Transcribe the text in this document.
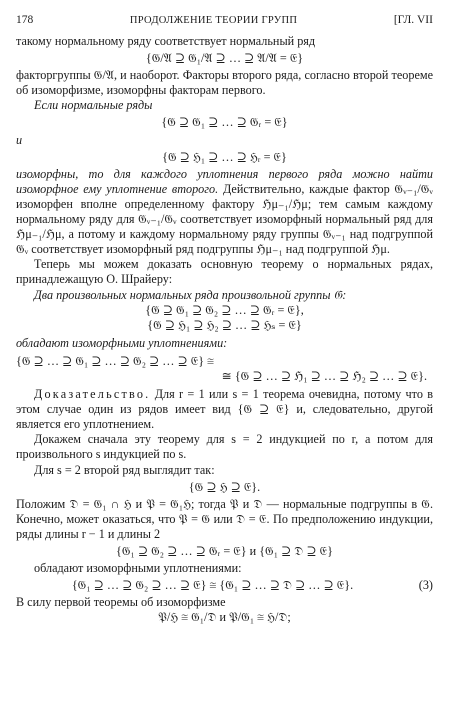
178	ПРОДОЛЖЕНИЕ ТЕОРИИ ГРУПП	[ГЛ. VII

такому нормальному ряду соответствует нормальный ряд

{𝔊/𝔄 ⊇ 𝔊₁/𝔄 ⊇ … ⊇ 𝔄/𝔄 = 𝔈}

факторгруппы 𝔊/𝔄, и наоборот. Факторы второго ряда, согласно второй теореме об изоморфизме, изоморфны факторам первого.

Если нормальные ряды

{𝔊 ⊇ 𝔊₁ ⊇ … ⊇ 𝔊ᵣ = 𝔈}

и

{𝔊 ⊇ ℌ₁ ⊇ … ⊇ ℌᵣ = 𝔈}

изоморфны, то для каждого уплотнения первого ряда можно найти изоморфное ему уплотнение второго. Действительно, каждые фактор 𝔊ᵥ₋₁/𝔊ᵥ изоморфен вполне определенному фактору ℌμ₋₁/ℌμ; тем самым каждому нормальному ряду для 𝔊ᵥ₋₁/𝔊ᵥ соответствует изоморфный нормальный ряд для ℌμ₋₁/ℌμ, а потому и каждому нормальному ряду группы 𝔊ᵥ₋₁ над подгруппой 𝔊ᵥ соответствует изоморфный ряд подгруппы ℌμ₋₁ над подгруппой ℌμ.

Теперь мы можем доказать основную теорему о нормальных рядах, принадлежащую О. Шрайеру:

Два произвольных нормальных ряда произвольной группы 𝔊:

{𝔊 ⊇ 𝔊₁ ⊇ 𝔊₂ ⊇ … ⊇ 𝔊ᵣ = 𝔈},
{𝔊 ⊇ ℌ₁ ⊇ ℌ₂ ⊇ … ⊇ ℌₛ = 𝔈}

обладают изоморфными уплотнениями:

{𝔊 ⊇ … ⊇ 𝔊₁ ⊇ … ⊇ 𝔊₂ ⊇ … ⊇ 𝔈} ≅
≅ {𝔊 ⊇ … ⊇ ℌ₁ ⊇ … ⊇ ℌ₂ ⊇ … ⊇ 𝔈}.

Доказательство. Для r = 1 или s = 1 теорема очевидна, потому что в этом случае один из рядов имеет вид {𝔊 ⊇ 𝔈} и, следовательно, другой является его уплотнением.

Докажем сначала эту теорему для s = 2 индукцией по r, а потом для произвольного s индукцией по s.

Для s = 2 второй ряд выглядит так:

{𝔊 ⊇ ℌ ⊇ 𝔈}.

Положим 𝔇 = 𝔊₁ ∩ ℌ и 𝔓 = 𝔊₁ℌ; тогда 𝔓 и 𝔇 — нормальные подгруппы в 𝔊. Конечно, может оказаться, что 𝔓 = 𝔊 или 𝔇 = 𝔈. По предположению индукции, ряды длины r − 1 и длины 2

{𝔊₁ ⊇ 𝔊₂ ⊇ … ⊇ 𝔊ᵣ = 𝔈} и {𝔊₁ ⊇ 𝔇 ⊇ 𝔈}

обладают изоморфными уплотнениями:

{𝔊₁ ⊇ … ⊇ 𝔊₂ ⊇ … ⊇ 𝔈} ≅ {𝔊₁ ⊇ … ⊇ 𝔇 ⊇ … ⊇ 𝔈}.	(3)

В силу первой теоремы об изоморфизме

𝔓/ℌ ≅ 𝔊₁/𝔇 и 𝔓/𝔊₁ ≅ ℌ/𝔇;
